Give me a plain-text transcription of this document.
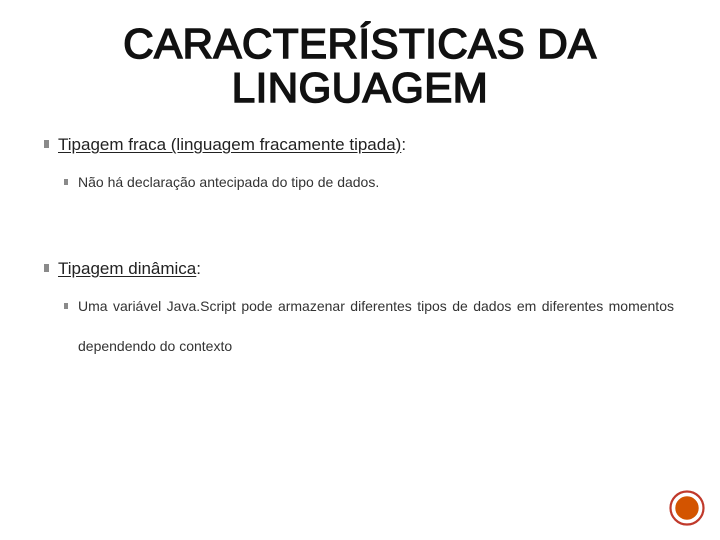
CARACTERÍSTICAS DA
LINGUAGEM
Tipagem fraca (linguagem fracamente tipada):
Não há declaração antecipada do tipo de dados.
Tipagem dinâmica:
Uma variável Java.Script pode armazenar diferentes tipos de dados em diferentes momentos dependendo do contexto
